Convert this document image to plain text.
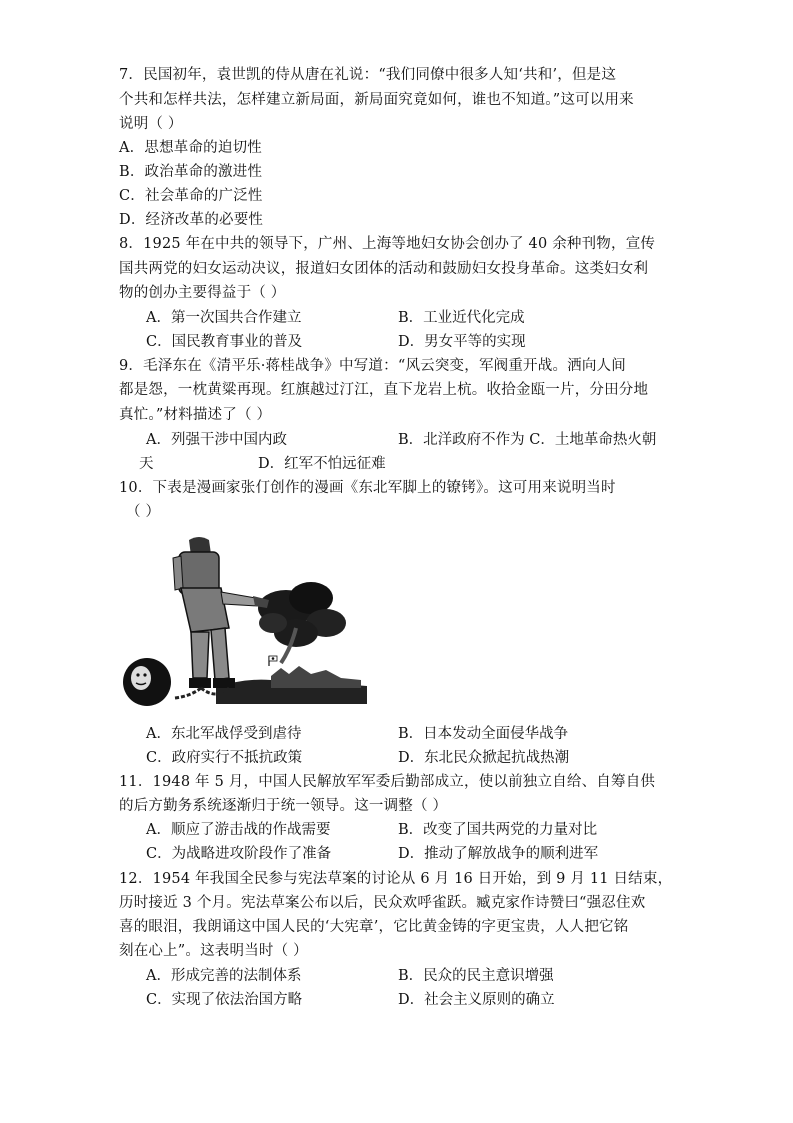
7．民国初年，袁世凯的侍从唐在礼说：“我们同僚中很多人知‘共和’，但是这
个共和怎样共法，怎样建立新局面，新局面究竟如何，谁也不知道。”这可以用来
说明（ ）
A．思想革命的迫切性
B．政治革命的激进性
C．社会革命的广泛性
D．经济改革的必要性
8．1925 年在中共的领导下，广州、上海等地妇女协会创办了 40 余种刊物，宣传
国共两党的妇女运动决议，报道妇女团体的活动和鼓励妇女投身革命。这类妇女利
物的创办主要得益于（ ）
A．第一次国共合作建立	B．工业近代化完成
C．国民教育事业的普及	D．男女平等的实现
9．毛泽东在《清平乐·蒋桂战争》中写道：“风云突变，军阀重开战。洒向人间
都是怨，一枕黄粱再现。红旗越过汀江，直下龙岩上杭。收拾金瓯一片，分田分地
真忙。”材料描述了（ ）
A．列强干涉中国内政	B．北洋政府不作为 C．土地革命热火朝
天	D．红军不怕远征难
10．下表是漫画家张仃创作的漫画《东北军脚上的镣铐》。这可用来说明当时
（ ）
A．东北军战俘受到虐待	B．日本发动全面侵华战争
C．政府实行不抵抗政策	D．东北民众掀起抗战热潮
11．1948 年 5 月，中国人民解放军军委后勤部成立，使以前独立自给、自筹自供
的后方勤务系统逐渐归于统一领导。这一调整（ ）
A．顺应了游击战的作战需要	B．改变了国共两党的力量对比
C．为战略进攻阶段作了准备	D．推动了解放战争的顺利进军
12．1954 年我国全民参与宪法草案的讨论从 6 月 16 日开始，到 9 月 11 日结束，
历时接近 3 个月。宪法草案公布以后，民众欢呼雀跃。臧克家作诗赞曰“强忍住欢
喜的眼泪，我朗诵这中国人民的‘大宪章’，它比黄金铸的字更宝贵，人人把它铭
刻在心上”。这表明当时（ ）
A．形成完善的法制体系	B．民众的民主意识增强
C．实现了依法治国方略	D．社会主义原则的确立
